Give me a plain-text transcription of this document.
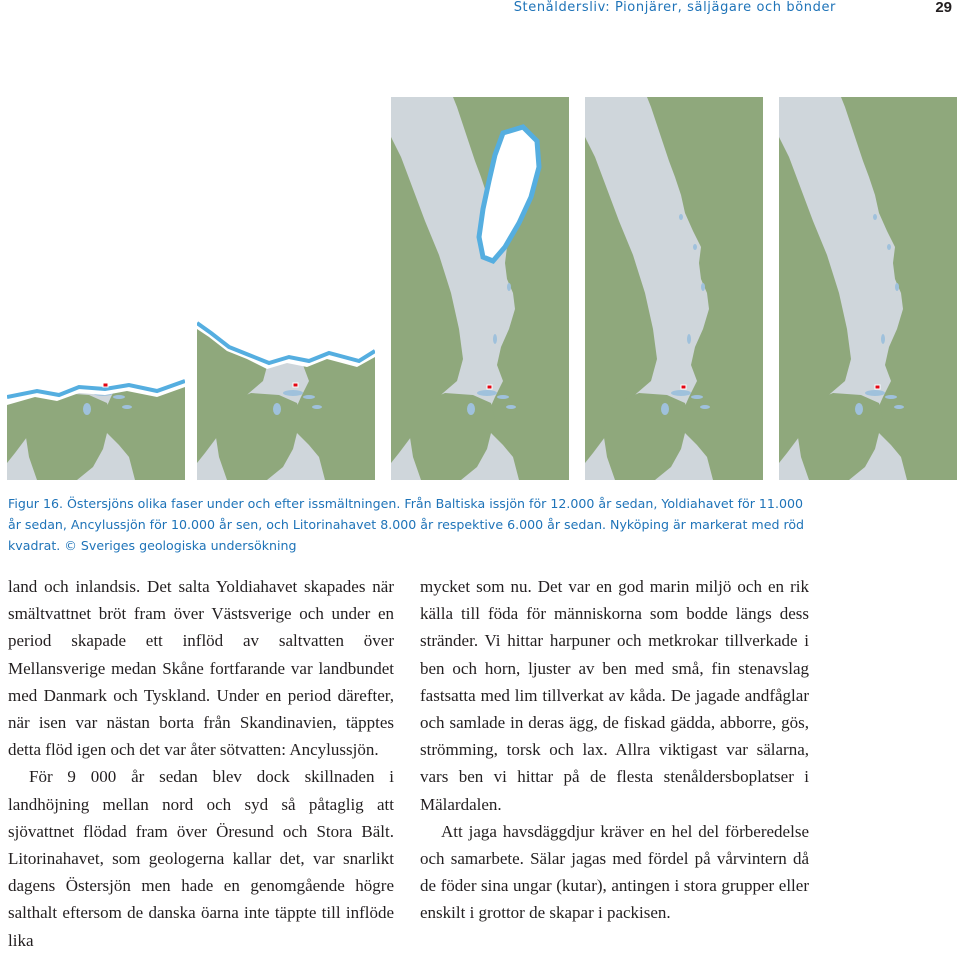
Stenåldersliv: Pionjärer, säljägare och bönder	29

Figur 16. Östersjöns olika faser under och efter issmältningen. Från Baltiska issjön för 12.000 år sedan, Yoldiahavet för 11.000 år sedan, Ancylussjön för 10.000 år sen, och Litorinahavet 8.000 år respektive 6.000 år sedan. Nyköping är markerat med röd kvadrat. © Sveriges geologiska undersökning

land och inlandsis. Det salta Yoldiahavet skapades när smältvattnet bröt fram över Västsverige och under en period skapade ett inflöd av saltvatten över Mellansverige medan Skåne fortfarande var landbundet med Danmark och Tyskland. Under en period därefter, när isen var nästan borta från Skandinavien, täpptes detta flöd igen och det var åter sötvatten: Ancylussjön.

För 9 000 år sedan blev dock skillnaden i landhöjning mellan nord och syd så påtaglig att sjövattnet flödad fram över Öresund och Stora Bält. Litorinahavet, som geologerna kallar det, var snarlikt dagens Östersjön men hade en genomgående högre salthalt eftersom de danska öarna inte täppte till inflöde lika

mycket som nu. Det var en god marin miljö och en rik källa till föda för människorna som bodde längs dess stränder. Vi hittar harpuner och metkrokar tillverkade i ben och horn, ljuster av ben med små, fin stenavslag fastsatta med lim tillverkat av kåda. De jagade andfåglar och samlade in deras ägg, de fiskad gädda, abborre, gös, strömming, torsk och lax. Allra viktigast var sälarna, vars ben vi hittar på de flesta stenåldersboplatser i Mälardalen.

Att jaga havsdäggdjur kräver en hel del förberedelse och samarbete. Sälar jagas med fördel på vårvintern då de föder sina ungar (kutar), antingen i stora grupper eller enskilt i grottor de skapar i packisen.
